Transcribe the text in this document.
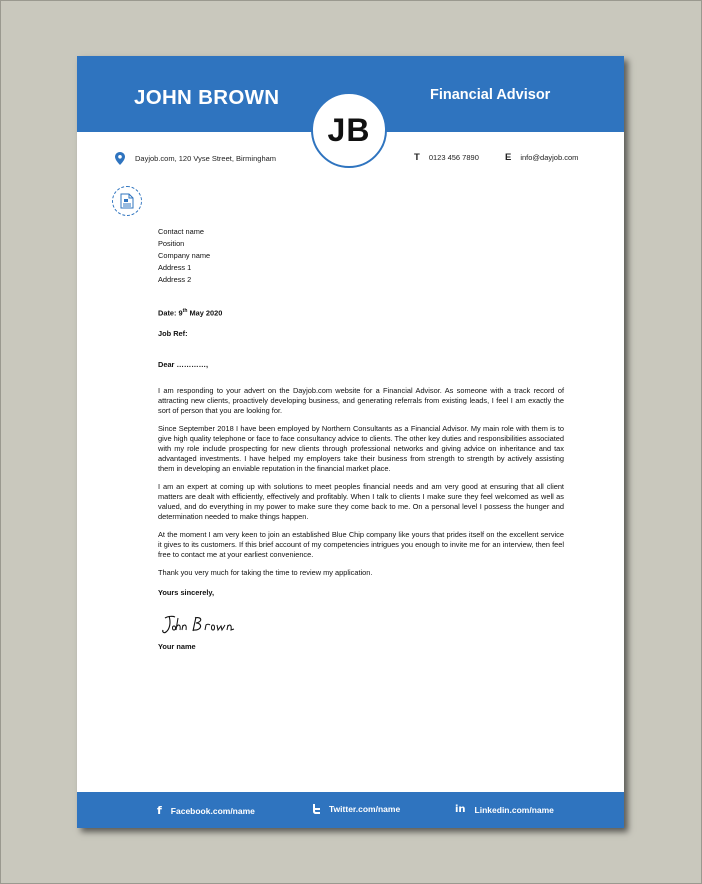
JOHN BROWN	Financial Advisor
JB
Dayjob.com, 120 Vyse Street, Birmingham	T 0123 456 7890	E info@dayjob.com
Contact name
Position
Company name
Address 1
Address 2
Date: 9th May 2020
Job Ref:
Dear …………,
I am responding to your advert on the Dayjob.com website for a Financial Advisor. As someone with a track record of attracting new clients, proactively developing business, and generating referrals from existing leads, I feel I am exactly the sort of person that you are looking for.
Since September 2018 I have been employed by Northern Consultants as a Financial Advisor. My main role with them is to give high quality telephone or face to face consultancy advice to clients. The other key duties and responsibilities associated with my role include prospecting for new clients through professional networks and giving advice on inheritance and tax advantaged investments. I have helped my employers take their business from strength to strength by actively assisting them in developing an enviable reputation in the financial market place.
I am an expert at coming up with solutions to meet peoples financial needs and am very good at ensuring that all client matters are dealt with efficiently, effectively and profitably. When I talk to clients I make sure they feel welcomed as well as valued, and do everything in my power to make sure they come back to me. On a personal level I possess the hunger and determination needed to make things happen.
At the moment I am very keen to join an established Blue Chip company like yours that prides itself on the excellent service it gives to its customers. If this brief account of my competencies intrigues you enough to invite me for an interview, then feel free to contact me at your earliest convenience.
Thank you very much for taking the time to review my application.
Yours sincerely,
Your name
f Facebook.com/name	Twitter.com/name	in Linkedin.com/name
